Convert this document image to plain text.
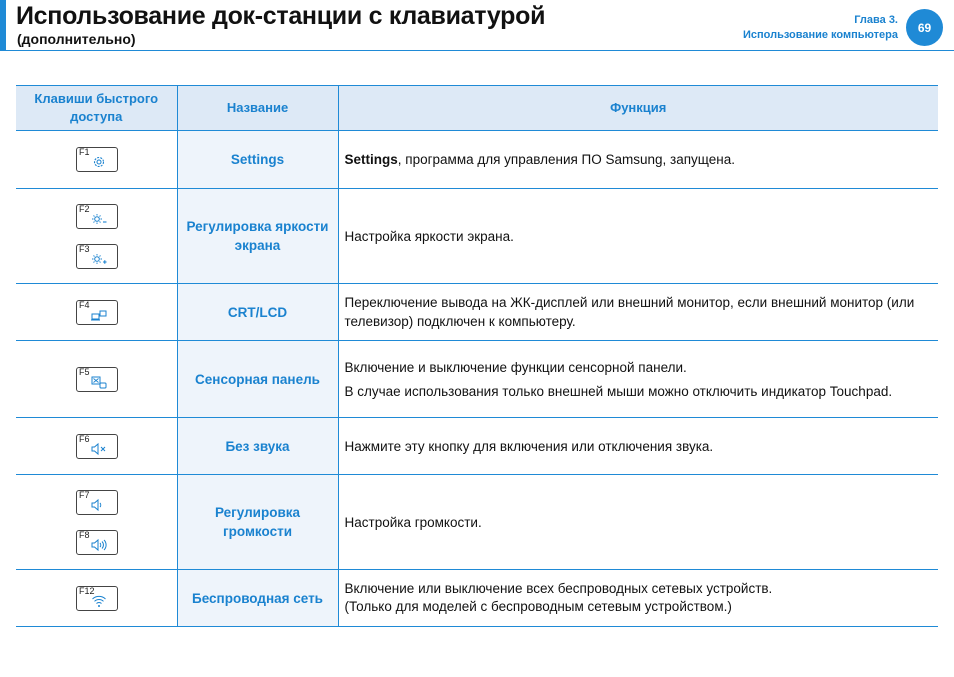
Использование док-станции с клавиатурой
(дополнительно)
Глава 3.
Использование компьютера
69
Клавиши быстрого доступа	Название	Функция

F1	Settings	Settings, программа для управления ПО Samsung, запущена.

F2
F3	Регулировка яркости экрана	Настройка яркости экрана.

F4	CRT/LCD	Переключение вывода на ЖК-дисплей или внешний монитор, если внешний монитор (или телевизор) подключен к компьютеру.

F5	Сенсорная панель	Включение и выключение функции сенсорной панели.

В случае использования только внешней мыши можно отключить индикатор Touchpad.

F6	Без звука	Нажмите эту кнопку для включения или отключения звука.

F7
F8	Регулировка громкости	Настройка громкости.

F12	Беспроводная сеть	Включение или выключение всех беспроводных сетевых устройств.

(Только для моделей с беспроводным сетевым устройством.)
